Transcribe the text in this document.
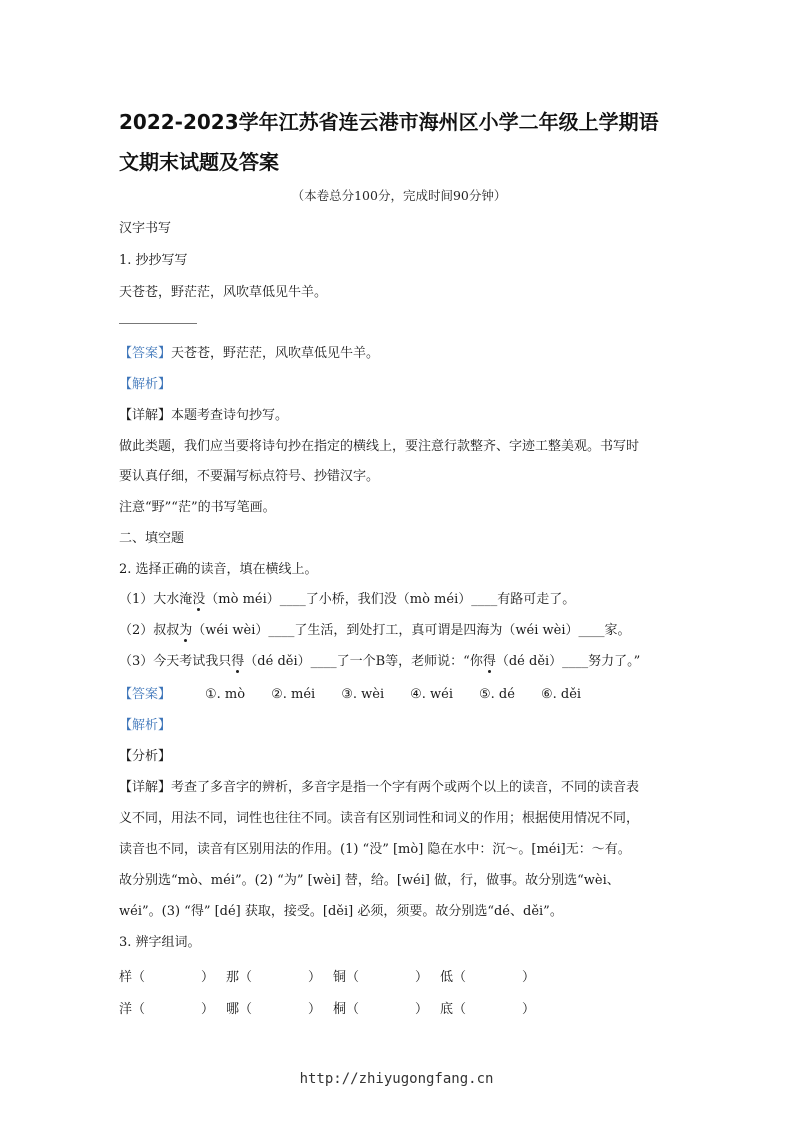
2022-2023学年江苏省连云港市海州区小学二年级上学期语
文期末试题及答案
（本卷总分100分，完成时间90分钟）
汉字书写
1. 抄抄写写
天苍苍，野茫茫，风吹草低见牛羊。
【答案】天苍苍，野茫茫，风吹草低见牛羊。
【解析】
【详解】本题考查诗句抄写。
做此类题，我们应当要将诗句抄在指定的横线上，要注意行款整齐、字迹工整美观。书写时
要认真仔细，不要漏写标点符号、抄错汉字。
注意“野”“茫”的书写笔画。
二、填空题
2. 选择正确的读音，填在横线上。
（1）大水淹没（mò méi）____了小桥，我们没（mò méi）____有路可走了。
（2）叔叔为（wéi wèi）____了生活，到处打工，真可谓是四海为（wéi wèi）____家。
（3）今天考试我只得（dé děi）____了一个B等，老师说：“你得（dé děi）____努力了。”
【答案】	①. mò ②. méi ③. wèi ④. wéi ⑤. dé ⑥. děi
【解析】
【分析】
【详解】考查了多音字的辨析，多音字是指一个字有两个或两个以上的读音，不同的读音表
义不同，用法不同，词性也往往不同。读音有区别词性和词义的作用；根据使用情况不同，
读音也不同，读音有区别用法的作用。(1) “没” [mò] 隐在水中：沉～。[méi]无：～有。
故分别选“mò、méi”。(2) “为” [wèi] 替，给。[wéi] 做，行，做事。故分别选“wèi、
wéi”。(3) “得” [dé] 获取，接受。[děi] 必须，须要。故分别选“dé、děi”。
3. 辨字组词。
样（	） 那（	） 铜（	） 低（	）
洋（	） 哪（	） 桐（	） 底（	）
http://zhiyugongfang.cn
